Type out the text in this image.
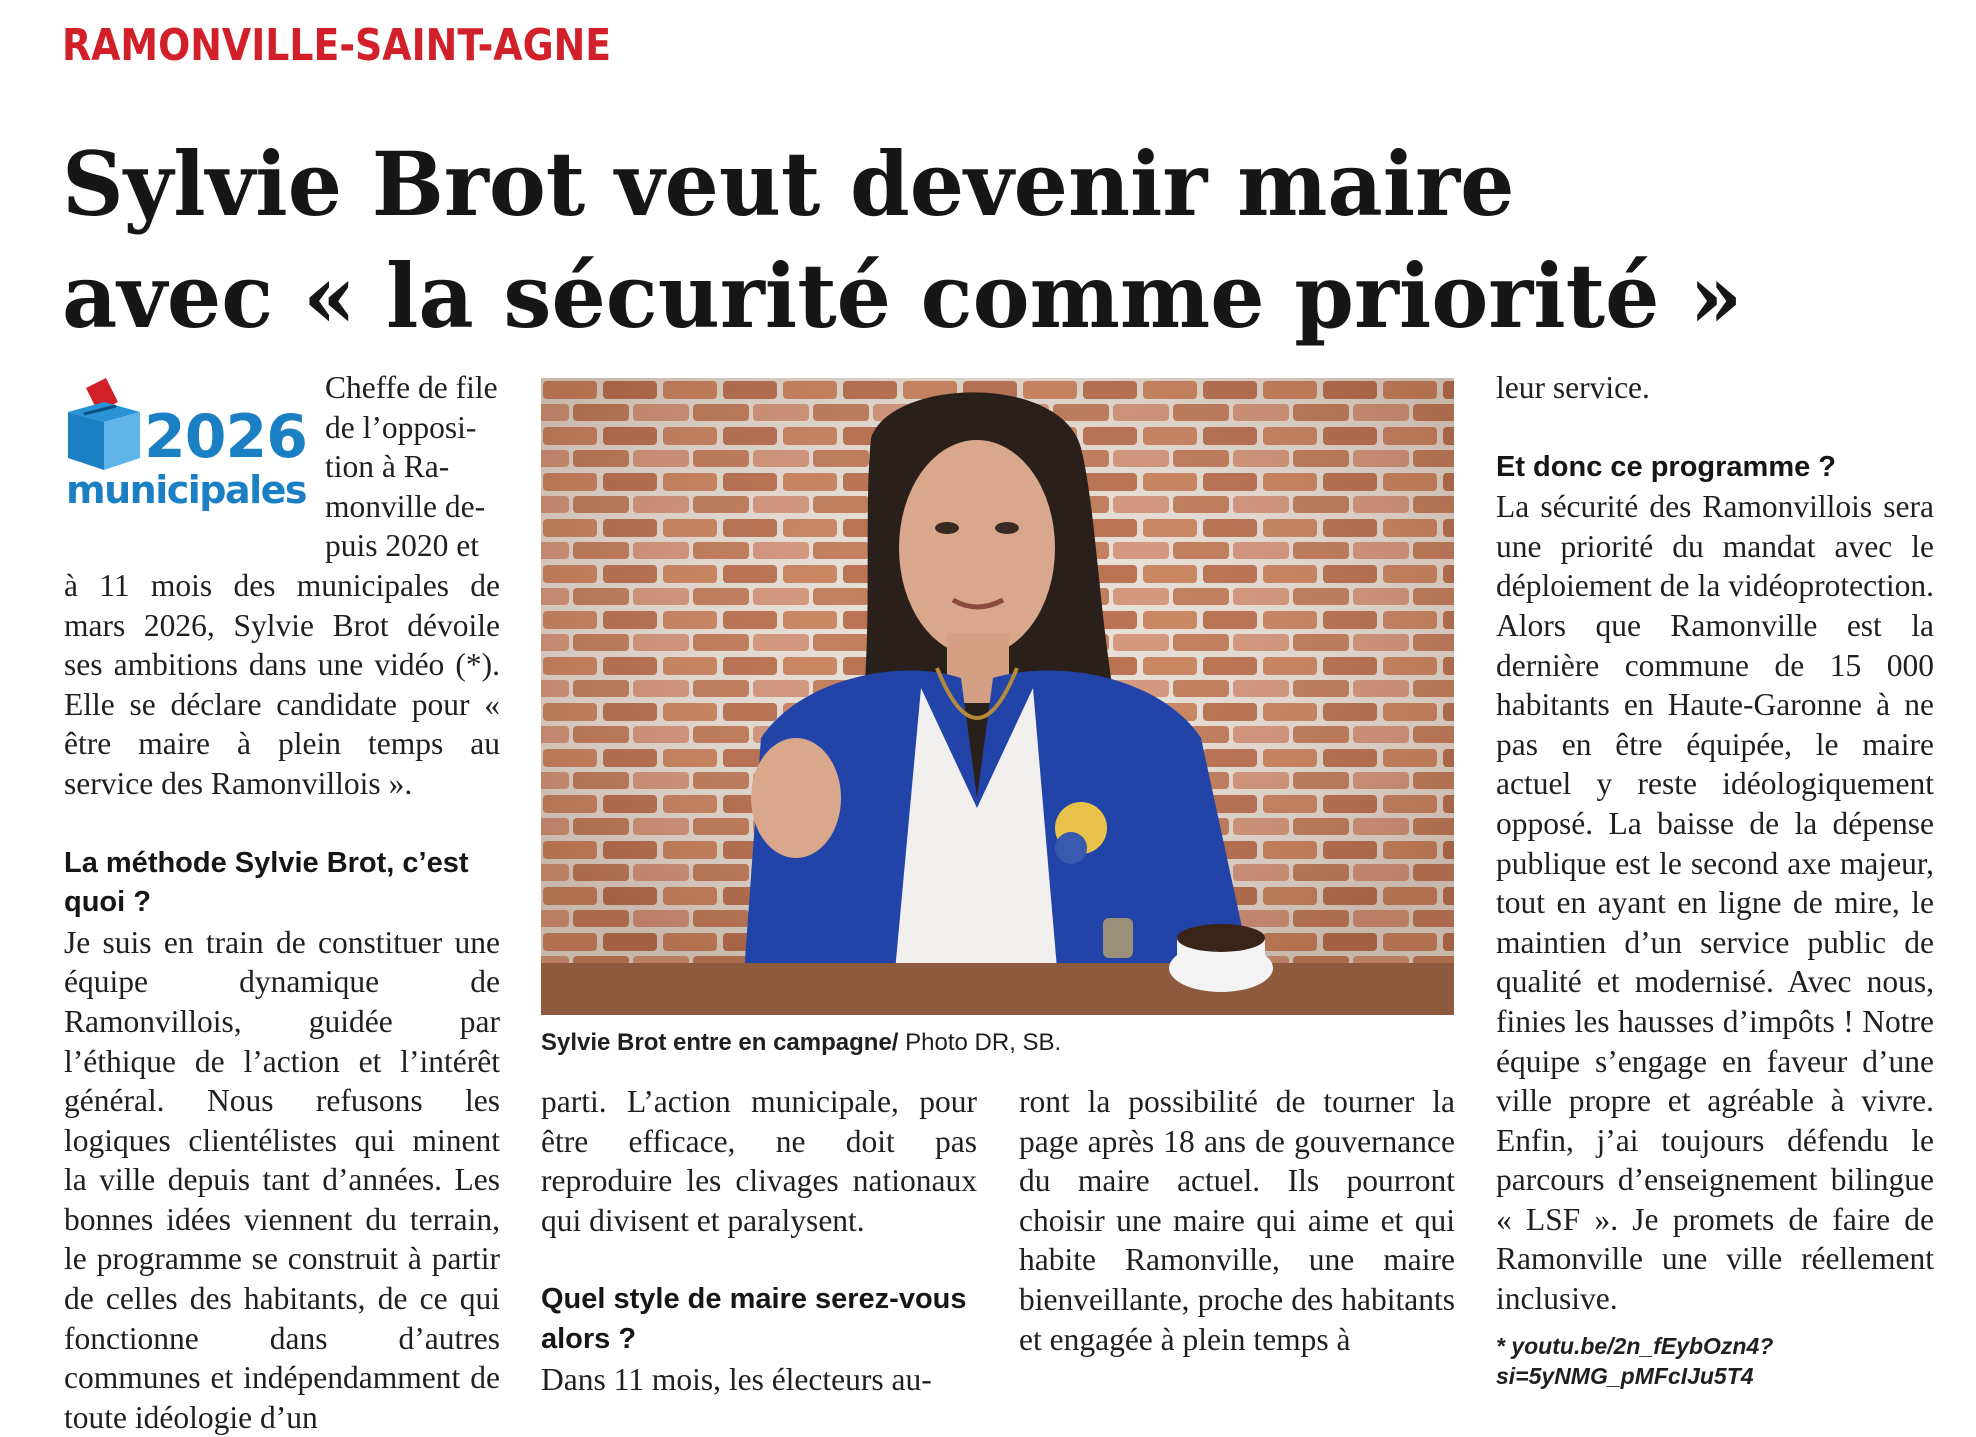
RAMONVILLE-SAINT-AGNE
Sylvie Brot veut devenir maire
avec « la sécurité comme priorité »
2026
municipales

Cheffe de file
de l’opposi-
tion à Ra-
monville de-
puis 2020 et

à 11 mois des municipales de mars 2026, Sylvie Brot dévoile ses ambitions dans une vidéo (*). Elle se déclare candidate pour « être maire à plein temps au service des Ramonvillois ».

La méthode Sylvie Brot, c’est quoi ?

Je suis en train de constituer une équipe dynamique de Ramonvillois, guidée par l’éthique de l’action et l’intérêt général. Nous refusons les logiques clientélistes qui minent la ville depuis tant d’années. Les bonnes idées viennent du terrain, le programme se construit à partir de celles des habitants, de ce qui fonctionne dans d’autres communes et indépendamment de toute idéologie d’un

Sylvie Brot entre en campagne/ Photo DR, SB.

parti. L’action municipale, pour être efficace, ne doit pas reproduire les clivages nationaux qui divisent et paralysent.

Quel style de maire serez-vous alors ?

Dans 11 mois, les électeurs au-

ront la possibilité de tourner la page après 18 ans de gouvernance du maire actuel. Ils pourront choisir une maire qui aime et qui habite Ramonville, une maire bienveillante, proche des habitants et engagée à plein temps à

leur service.

Et donc ce programme ?

La sécurité des Ramonvillois sera une priorité du mandat avec le déploiement de la vidéoprotection. Alors que Ramonville est la dernière commune de 15 000 habitants en Haute-Garonne à ne pas en être équipée, le maire actuel y reste idéologiquement opposé. La baisse de la dépense publique est le second axe majeur, tout en ayant en ligne de mire, le maintien d’un service public de qualité et modernisé. Avec nous, finies les hausses d’impôts ! Notre équipe s’engage en faveur d’une ville propre et agréable à vivre. Enfin, j’ai toujours défendu le parcours d’enseignement bilingue « LSF ». Je promets de faire de Ramonville une ville réellement inclusive.

* youtu.be/2n_fEybOzn4?si=5yNMG_pMFcIJu5T4
